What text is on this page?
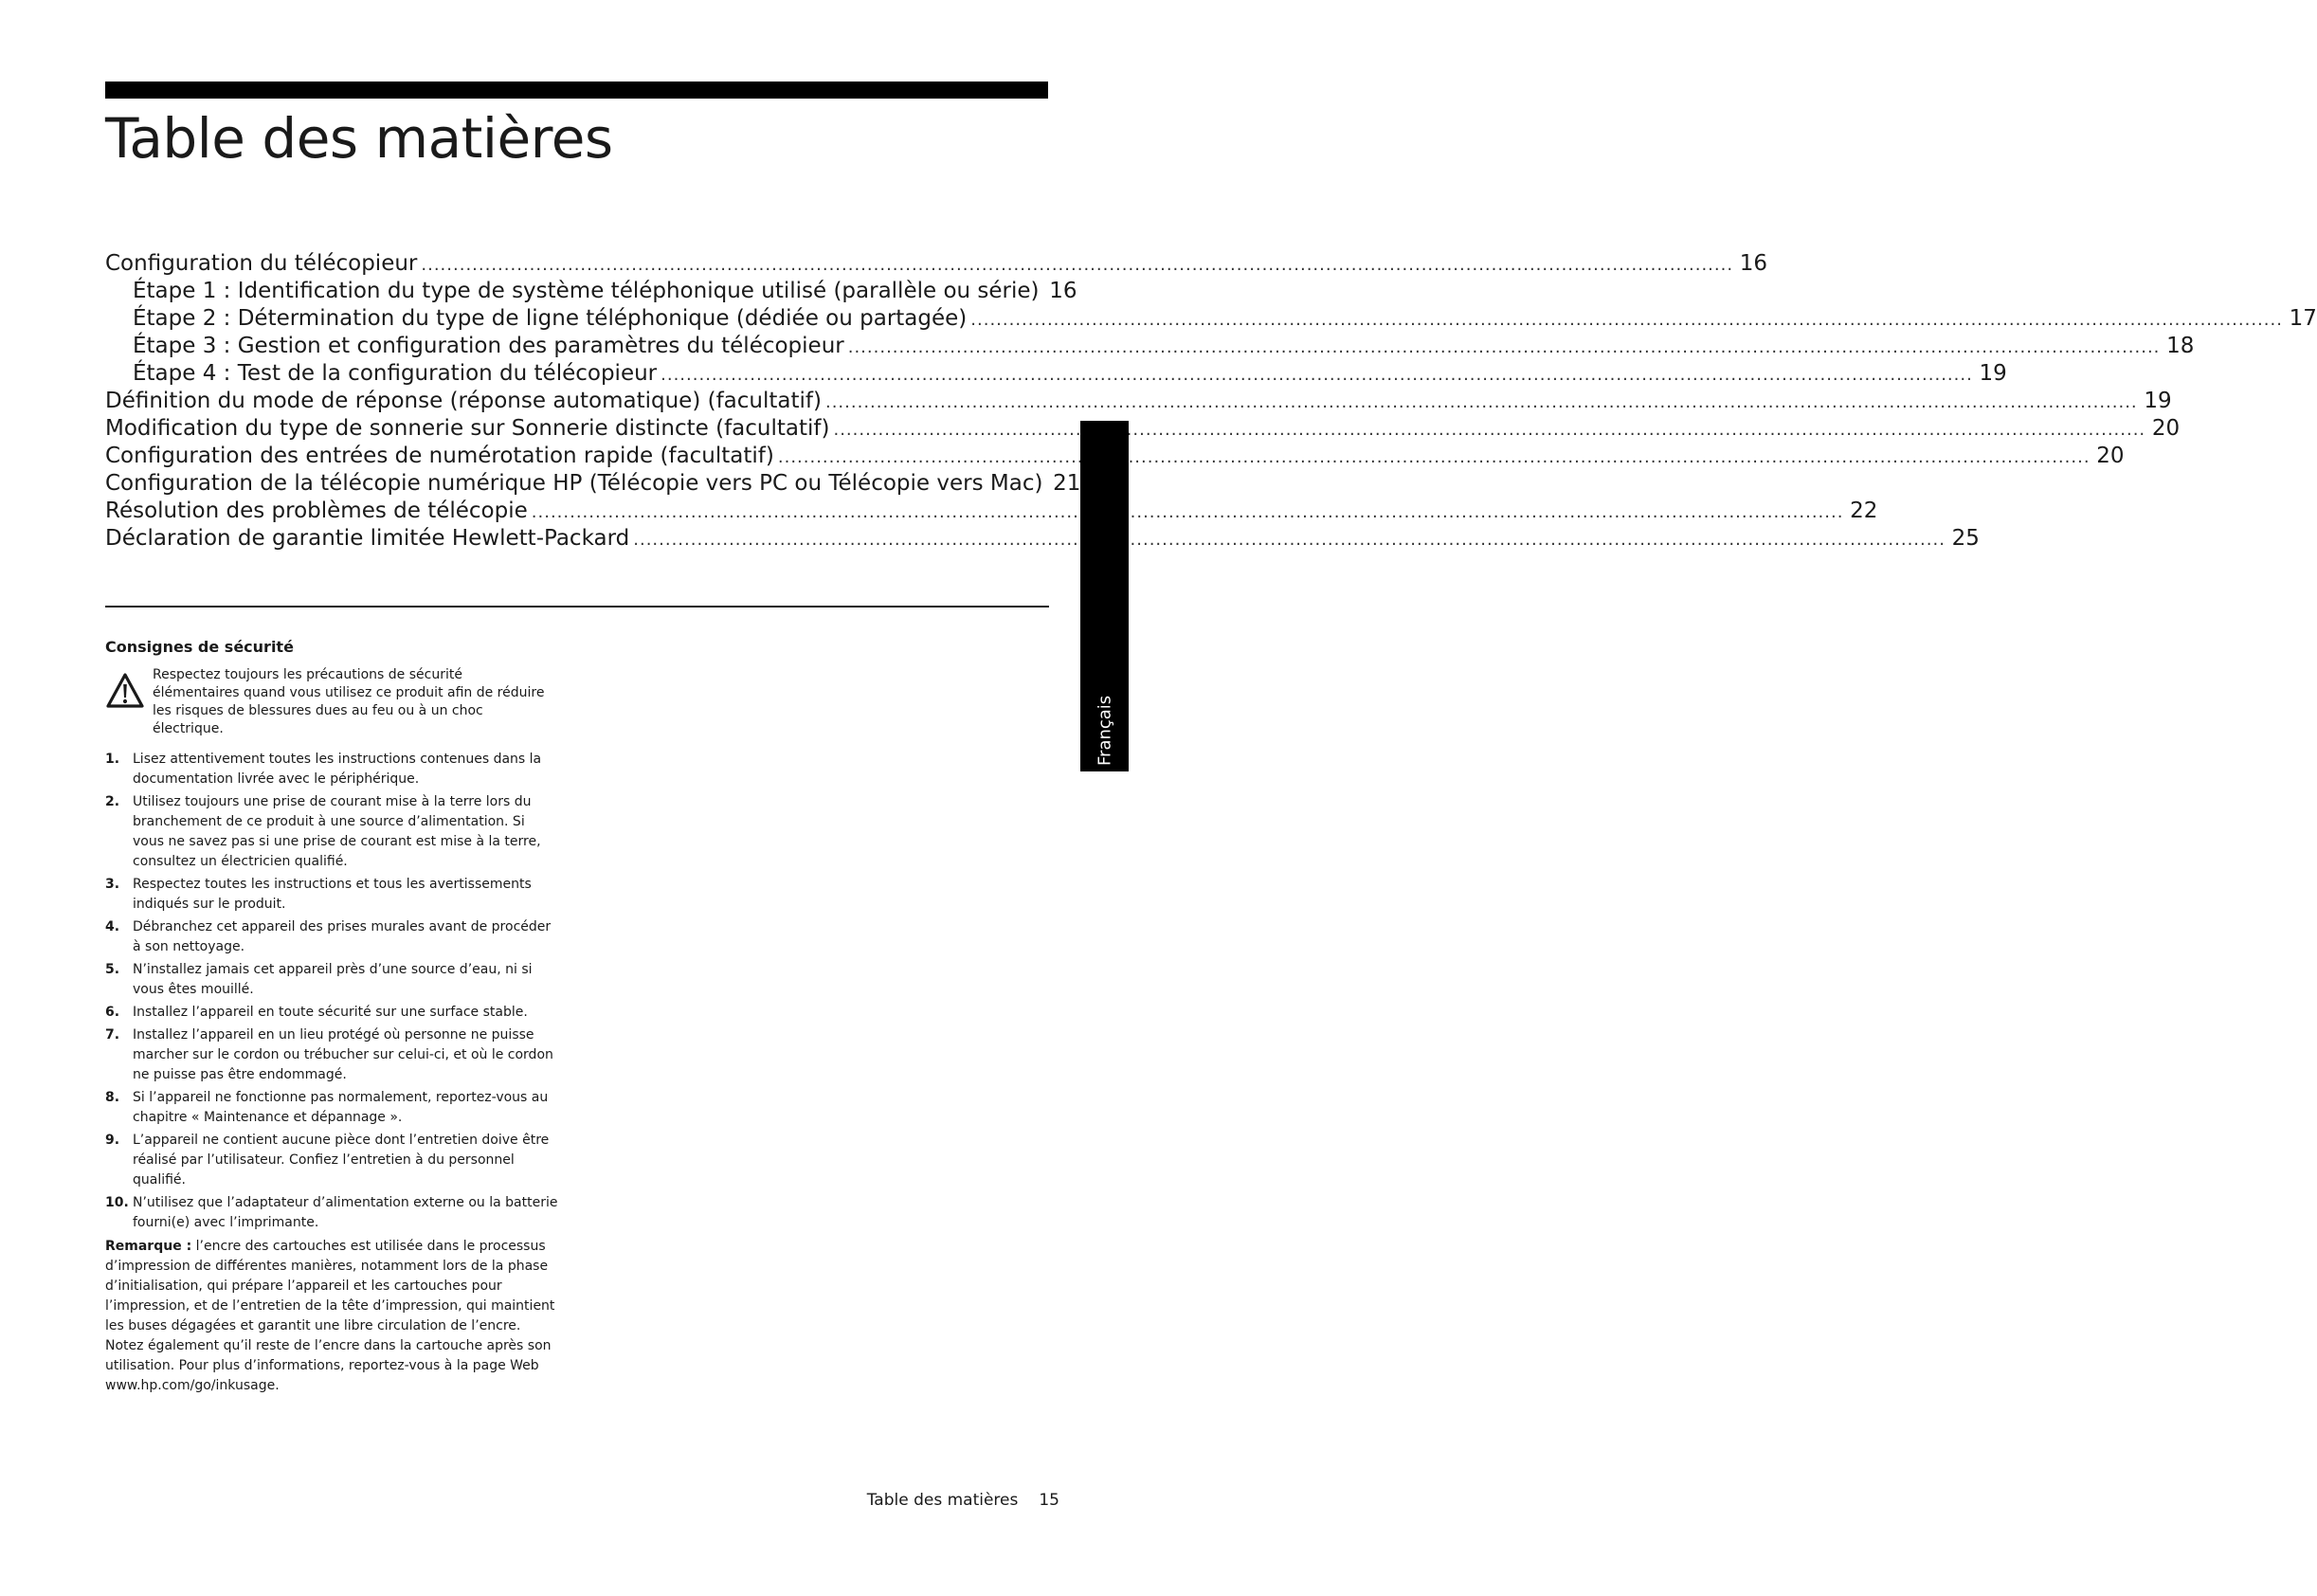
Table des matières
Configuration du télécopieur .....	16
Étape 1 : Identification du type de système téléphonique utilisé (parallèle ou série) 16
Étape 2 : Détermination du type de ligne téléphonique (dédiée ou partagée) .....	17
Étape 3 : Gestion et configuration des paramètres du télécopieur .....	18
Étape 4 : Test de la configuration du télécopieur .....	19
Définition du mode de réponse (réponse automatique) (facultatif) .....	19
Modification du type de sonnerie sur Sonnerie distincte (facultatif) .....	20
Configuration des entrées de numérotation rapide (facultatif) .....	20
Configuration de la télécopie numérique HP (Télécopie vers PC ou Télécopie vers Mac) 21
Résolution des problèmes de télécopie .....	22
Déclaration de garantie limitée Hewlett-Packard .....	25
Français
Consignes de sécurité
Respectez toujours les précautions de sécurité élémentaires quand vous utilisez ce produit afin de réduire les risques de blessures dues au feu ou à un choc électrique.
1. Lisez attentivement toutes les instructions contenues dans la documentation livrée avec le périphérique.
2. Utilisez toujours une prise de courant mise à la terre lors du branchement de ce produit à une source d’alimentation. Si vous ne savez pas si une prise de courant est mise à la terre, consultez un électricien qualifié.
3. Respectez toutes les instructions et tous les avertissements indiqués sur le produit.
4. Débranchez cet appareil des prises murales avant de procéder à son nettoyage.
5. N’installez jamais cet appareil près d’une source d’eau, ni si vous êtes mouillé.
6. Installez l’appareil en toute sécurité sur une surface stable.
7. Installez l’appareil en un lieu protégé où personne ne puisse marcher sur le cordon ou trébucher sur celui-ci, et où le cordon ne puisse pas être endommagé.
8. Si l’appareil ne fonctionne pas normalement, reportez-vous au chapitre « Maintenance et dépannage ».
9. L’appareil ne contient aucune pièce dont l’entretien doive être réalisé par l’utilisateur. Confiez l’entretien à du personnel qualifié.
10. N’utilisez que l’adaptateur d’alimentation externe ou la batterie fourni(e) avec l’imprimante.

Remarque : l’encre des cartouches est utilisée dans le processus d’impression de différentes manières, notamment lors de la phase d’initialisation, qui prépare l’appareil et les cartouches pour l’impression, et de l’entretien de la tête d’impression, qui maintient les buses dégagées et garantit une libre circulation de l’encre. Notez également qu’il reste de l’encre dans la cartouche après son utilisation. Pour plus d’informations, reportez-vous à la page Web www.hp.com/go/inkusage.

Table des matières 15
